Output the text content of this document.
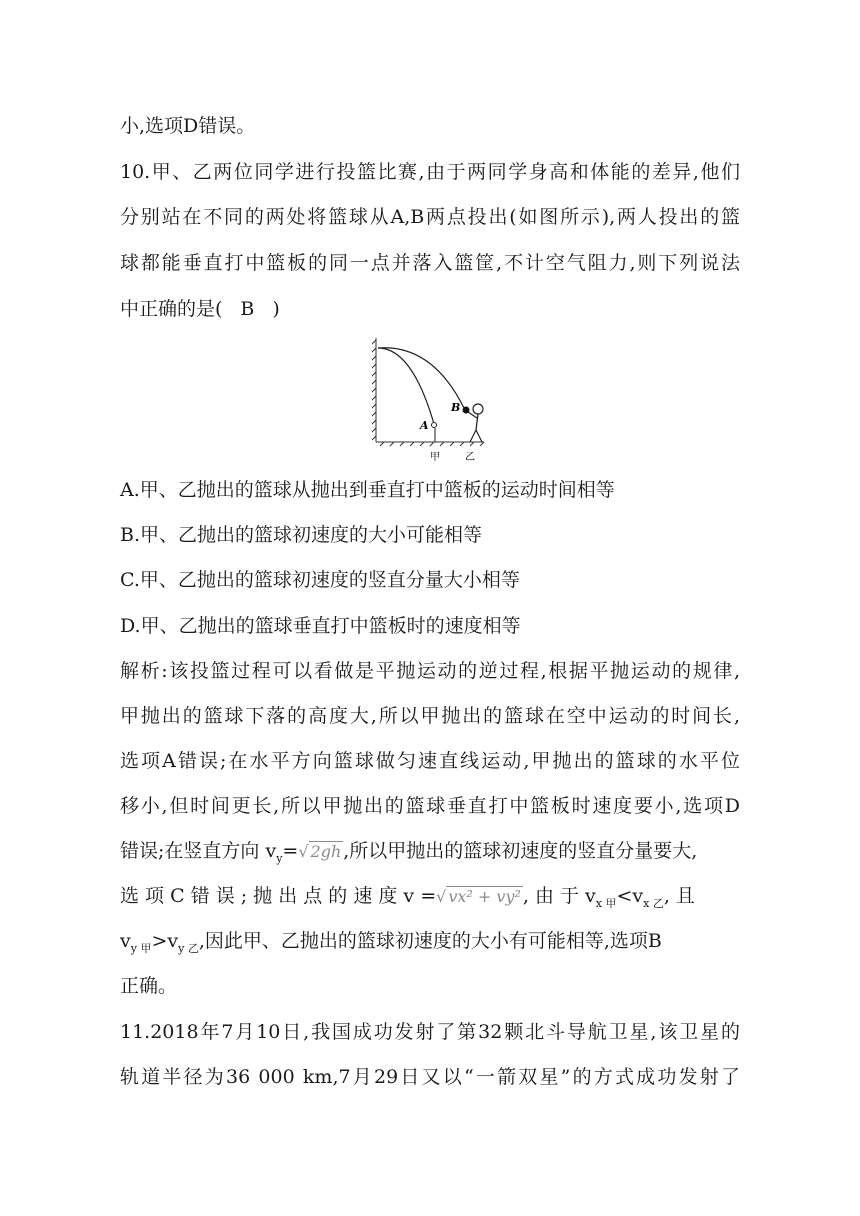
小,选项D错误。
10.甲、乙两位同学进行投篮比赛,由于两同学身高和体能的差异,他们
分别站在不同的两处将篮球从A,B两点投出(如图所示),两人投出的篮
球都能垂直打中篮板的同一点并落入篮筐,不计空气阻力,则下列说法
中正确的是( B )
A
B
甲	乙
A.甲、乙抛出的篮球从抛出到垂直打中篮板的运动时间相等
B.甲、乙抛出的篮球初速度的大小可能相等
C.甲、乙抛出的篮球初速度的竖直分量大小相等
D.甲、乙抛出的篮球垂直打中篮板时的速度相等
解析:该投篮过程可以看做是平抛运动的逆过程,根据平抛运动的规律,
甲抛出的篮球下落的高度大,所以甲抛出的篮球在空中运动的时间长,
选项A错误;在水平方向篮球做匀速直线运动,甲抛出的篮球的水平位
移小,但时间更长,所以甲抛出的篮球垂直打中篮板时速度要小,选项D
错误;在竖直方向 $v_y=√$ 2gh ,所以甲抛出的篮球初速度的竖直分量要大,
选 项 C 错 误 ; 抛 出 点 的 速 度 v =√ vx² + vy² , 由 于 $v_{x 甲}<v_{x 乙}$, 且
$v_{y 甲}>v_{y 乙}$,因此甲、乙抛出的篮球初速度的大小有可能相等,选项B
正确。
11.2018年7月10日,我国成功发射了第32颗北斗导航卫星,该卫星的
轨道半径为36 000 km,7月29日又以“一箭双星”的方式成功发射了
